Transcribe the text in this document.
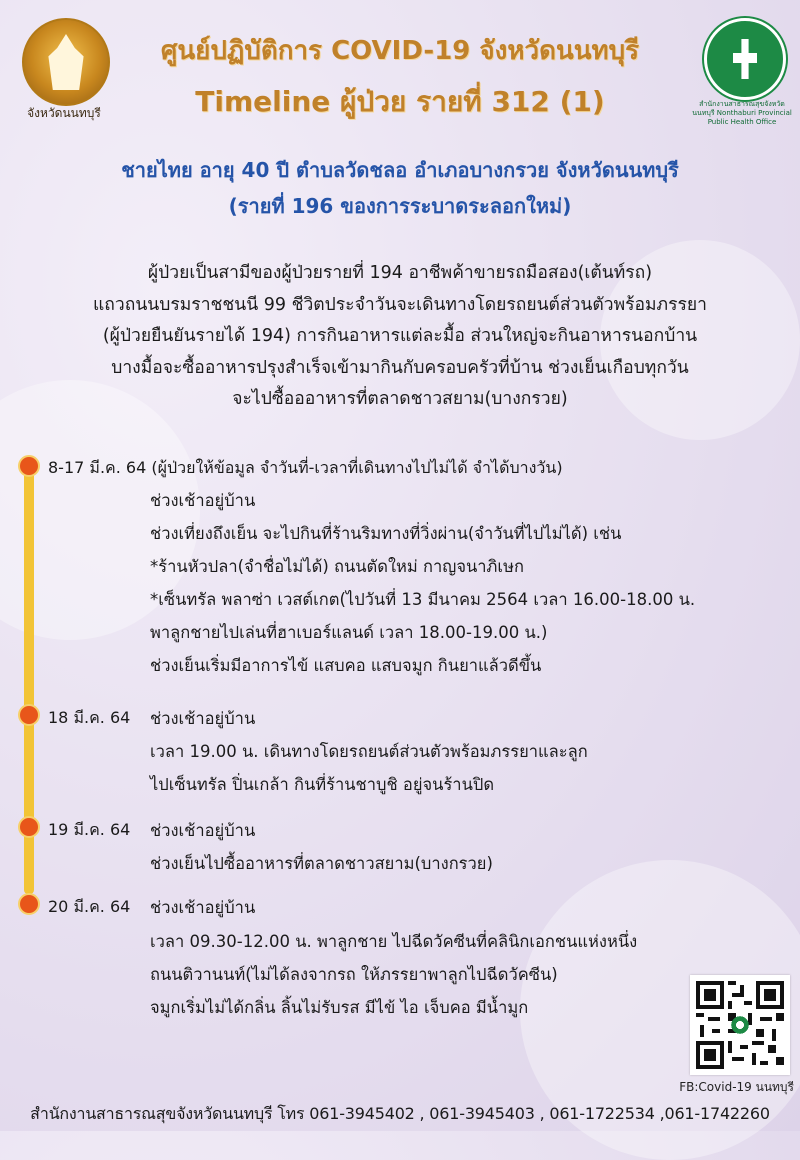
จังหวัดนนทบุรี
ศูนย์ปฏิบัติการ COVID-19 จังหวัดนนทบุรี
Timeline ผู้ป่วย รายที่ 312 (1)	สำนักงานสาธารณสุขจังหวัดนนทบุรี Nonthaburi Provincial Public Health Office
ชายไทย อายุ 40 ปี ตำบลวัดชลอ อำเภอบางกรวย จังหวัดนนทบุรี
(รายที่ 196 ของการระบาดระลอกใหม่)
ผู้ป่วยเป็นสามีของผู้ป่วยรายที่ 194 อาชีพค้าขายรถมือสอง(เต้นท์รถ)
แถวถนนบรมราชชนนี 99 ชีวิตประจำวันจะเดินทางโดยรถยนต์ส่วนตัวพร้อมภรรยา
(ผู้ป่วยยืนยันรายได้ 194) การกินอาหารแต่ละมื้อ ส่วนใหญ่จะกินอาหารนอกบ้าน
บางมื้อจะซื้ออาหารปรุงสำเร็จเข้ามากินกับครอบครัวที่บ้าน ช่วงเย็นเกือบทุกวัน
จะไปซื้อออาหารที่ตลาดชาวสยาม(บางกรวย)
8-17 มี.ค. 64 (ผู้ป่วยให้ข้อมูล จำวันที่-เวลาที่เดินทางไปไม่ได้ จำได้บางวัน)
ช่วงเช้าอยู่บ้าน
ช่วงเที่ยงถึงเย็น จะไปกินที่ร้านริมทางที่วิ่งผ่าน(จำวันที่ไปไม่ได้) เช่น
*ร้านหัวปลา(จำชื่อไม่ได้) ถนนตัดใหม่ กาญจนาภิเษก
*เซ็นทรัล พลาซ่า เวสต์เกต(ไปวันที่ 13 มีนาคม 2564 เวลา 16.00-18.00 น.
พาลูกชายไปเล่นที่ฮาเบอร์แลนด์ เวลา 18.00-19.00 น.)
ช่วงเย็นเริ่มมีอาการไข้ แสบคอ แสบจมูก กินยาแล้วดีขึ้น
18 มี.ค. 64 ช่วงเช้าอยู่บ้าน
เวลา 19.00 น. เดินทางโดยรถยนต์ส่วนตัวพร้อมภรรยาและลูก
ไปเซ็นทรัล ปิ่นเกล้า กินที่ร้านชาบูชิ อยู่จนร้านปิด
19 มี.ค. 64 ช่วงเช้าอยู่บ้าน
ช่วงเย็นไปซื้ออาหารที่ตลาดชาวสยาม(บางกรวย)
20 มี.ค. 64 ช่วงเช้าอยู่บ้าน
เวลา 09.30-12.00 น. พาลูกชาย ไปฉีดวัคซีนที่คลินิกเอกชนแห่งหนึ่ง
ถนนติวานนท์(ไม่ได้ลงจากรถ ให้ภรรยาพาลูกไปฉีดวัคซีน)
จมูกเริ่มไม่ได้กลิ่น ลิ้นไม่รับรส มีไข้ ไอ เจ็บคอ มีน้ำมูก
FB:Covid-19 นนทบุรี
สำนักงานสาธารณสุขจังหวัดนนทบุรี โทร 061-3945402 , 061-3945403 , 061-1722534 ,061-1742260
